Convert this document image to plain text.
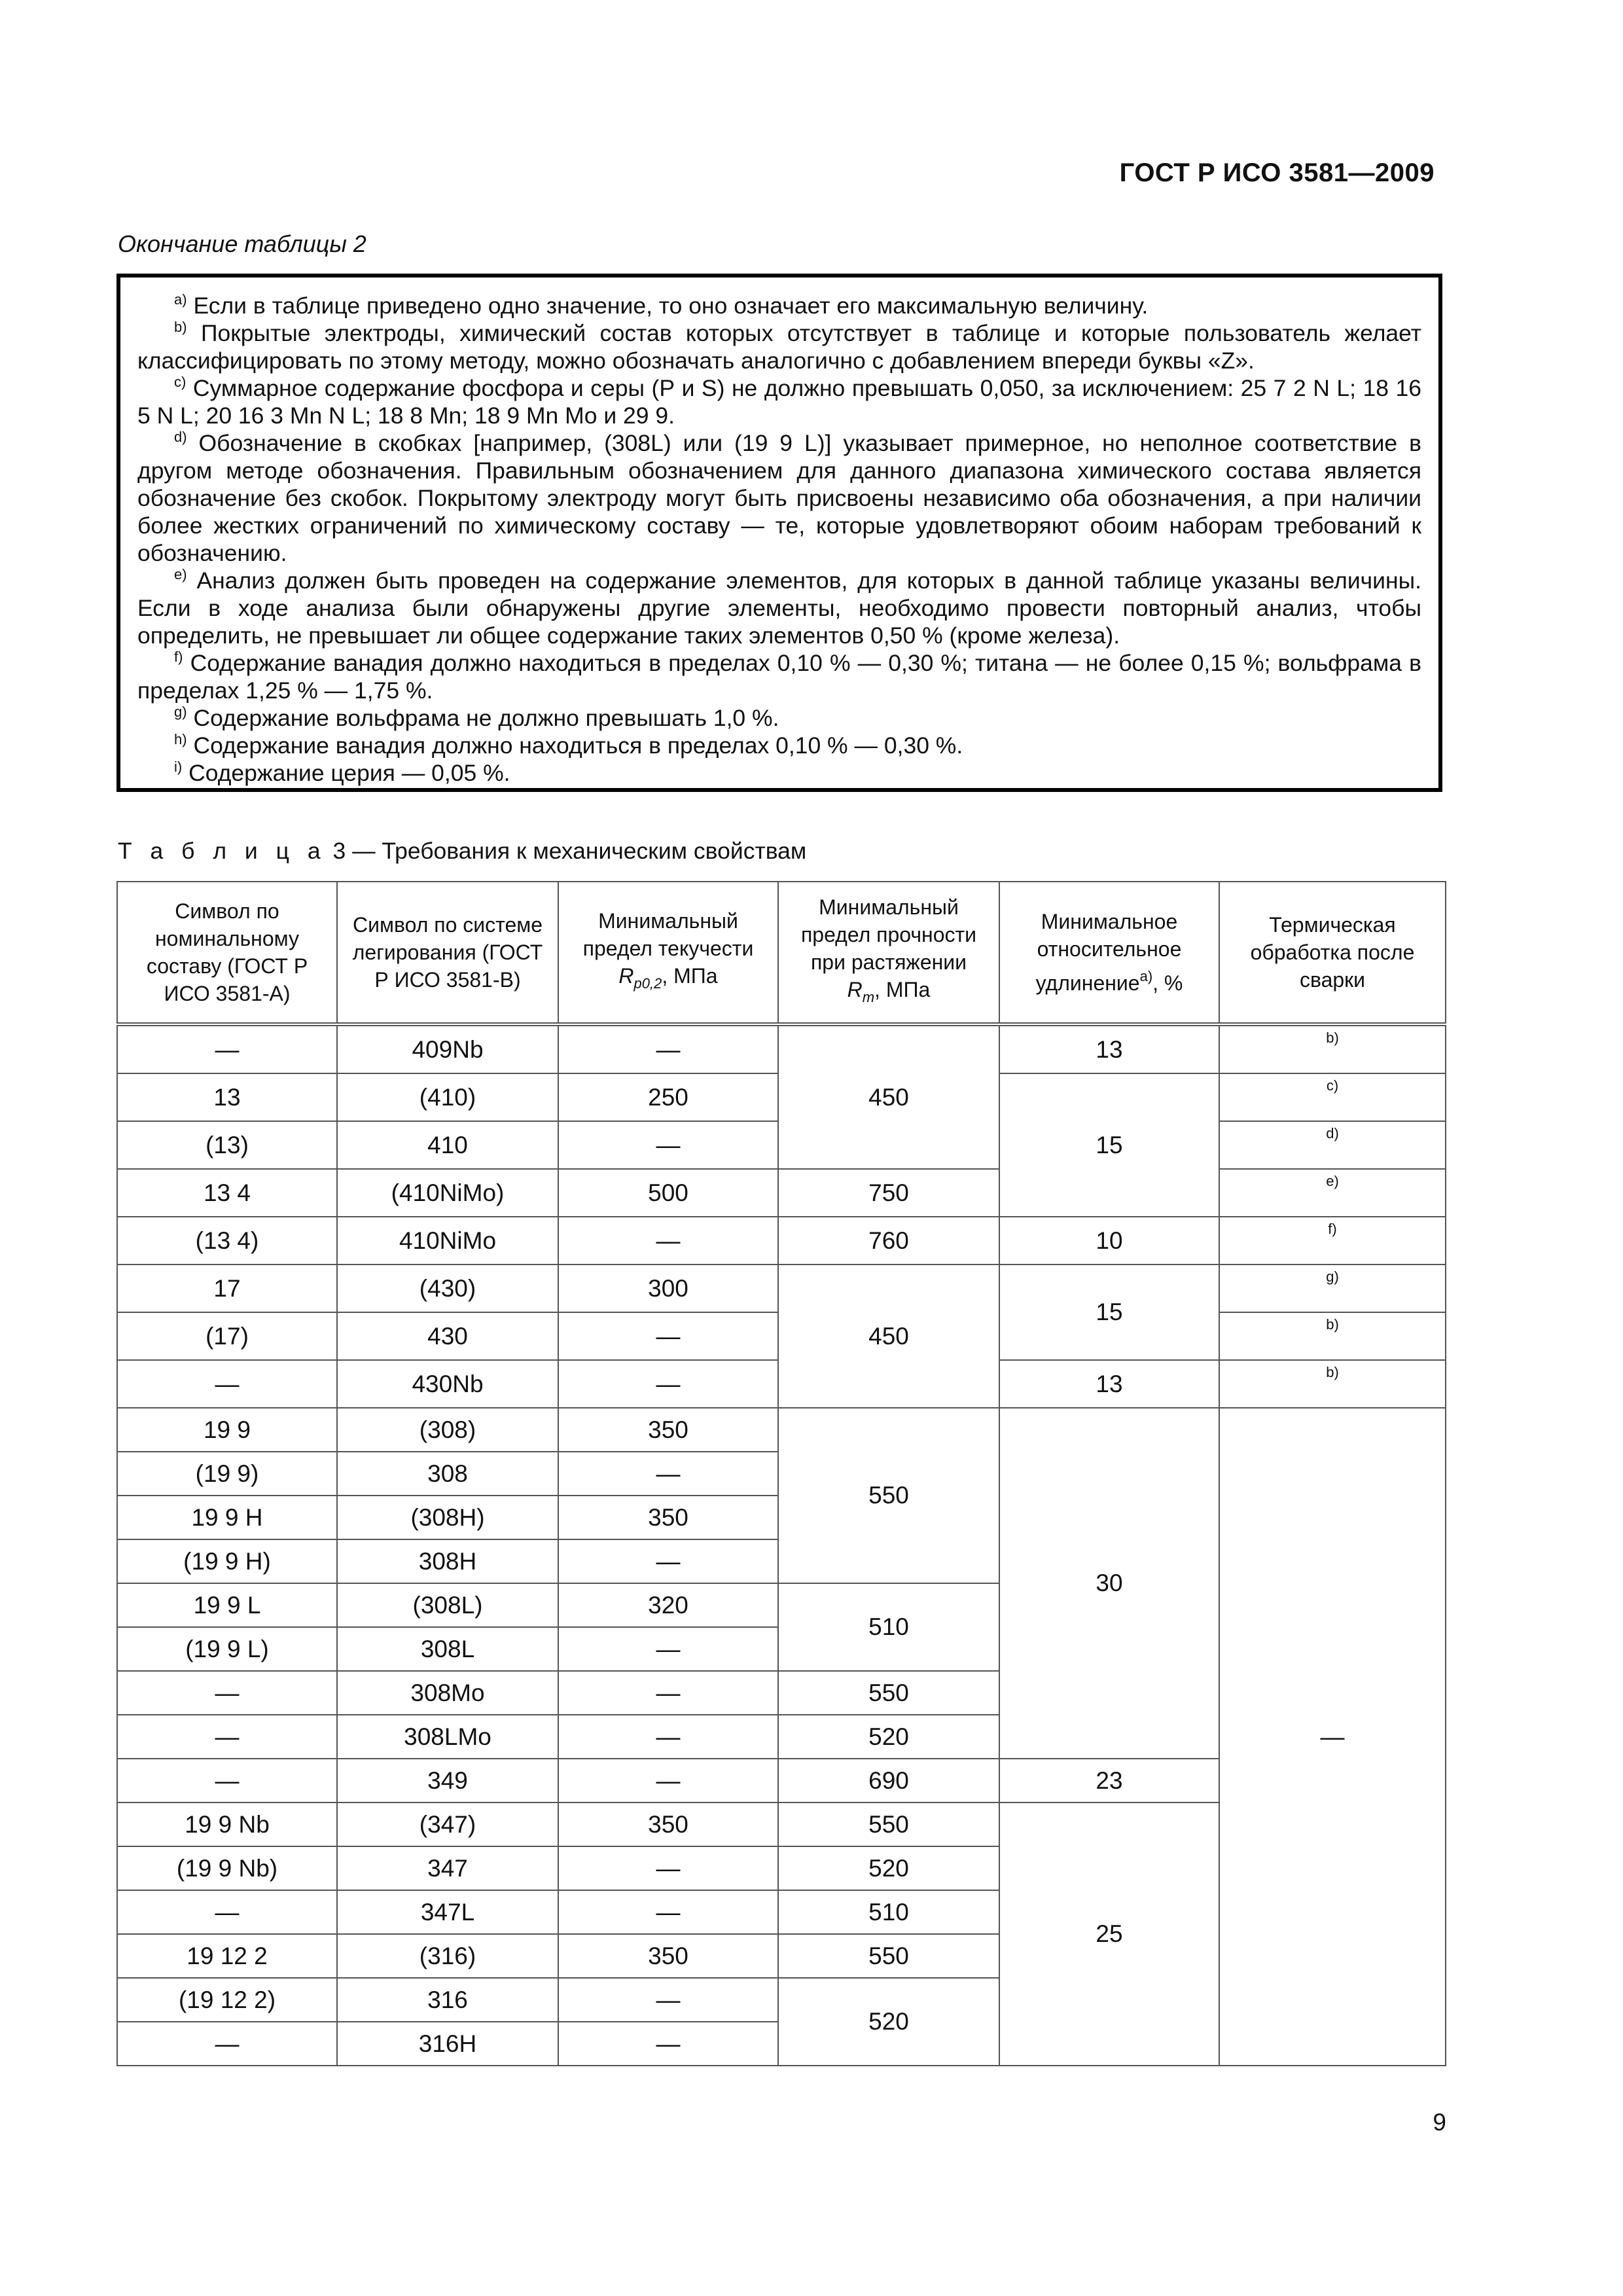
ГОСТ Р ИСО 3581—2009
Окончание таблицы 2

$^{a)}$ Если в таблице приведено одно значение, то оно означает его максимальную величину.

$^{b)}$ Покрытые электроды, химический состав которых отсутствует в таблице и которые пользователь желает классифицировать по этому методу, можно обозначать аналогично с добавлением впереди буквы «Z».

$^{c)}$ Суммарное содержание фосфора и серы (Р и S) не должно превышать 0,050, за исключением: 25 7 2 N L; 18 16 5 N L; 20 16 3 Mn N L; 18 8 Mn; 18 9 Mn Mo и 29 9.

$^{d)}$ Обозначение в скобках [например, (308L) или (19 9 L)] указывает примерное, но неполное соответствие в другом методе обозначения. Правильным обозначением для данного диапазона химического состава является обозначение без скобок. Покрытому электроду могут быть присвоены независимо оба обозначения, а при наличии более жестких ограничений по химическому составу — те, которые удовлетворяют обоим наборам требований к обозначению.

$^{e)}$ Анализ должен быть проведен на содержание элементов, для которых в данной таблице указаны величины. Если в ходе анализа были обнаружены другие элементы, необходимо провести повторный анализ, чтобы определить, не превышает ли общее содержание таких элементов 0,50 % (кроме железа).

$^{f)}$ Содержание ванадия должно находиться в пределах 0,10 % — 0,30 %; титана — не более 0,15 %; вольфрама в пределах 1,25 % — 1,75 %.

$^{g)}$ Содержание вольфрама не должно превышать 1,0 %.

$^{h)}$ Содержание ванадия должно находиться в пределах 0,10 % — 0,30 %.

$^{i)}$ Содержание церия — 0,05 %.

Т а б л и ц а 3 — Требования к механическим свойствам
Символ по номинальному составу (ГОСТ Р ИСО 3581-А)	Символ по системе легирования (ГОСТ Р ИСО 3581-В)	Минимальный предел текучести
$R_{p0,2}$, МПа	Минимальный предел прочности при растяжении
$R_m$, МПа	Минимальное относительное удлинение$^{a)}$, %	Термическая обработка после сварки
—	409Nb	—	450	13	b)
13	(410)	250		15	c)
(13)	410	—			d)
13 4	(410NiMo)	500	750		e)
(13 4)	410NiMo	—	760	10	f)
17	(430)	300	450	15	g)
(17)	430	—			b)
—	430Nb	—		13	b)
19 9	(308)	350	550	30	—
(19 9)	308	—			
19 9 H	(308H)	350			
(19 9 H)	308H	—			
19 9 L	(308L)	320	510		
(19 9 L)	308L	—			
—	308Mo	—	550		
—	308LMo	—	520		
—	349	—	690	23	
19 9 Nb	(347)	350	550	25	
(19 9 Nb)	347	—	520		
—	347L	—	510		
19 12 2	(316)	350	550		
(19 12 2)	316	—	520		
—	316H	—			
9
